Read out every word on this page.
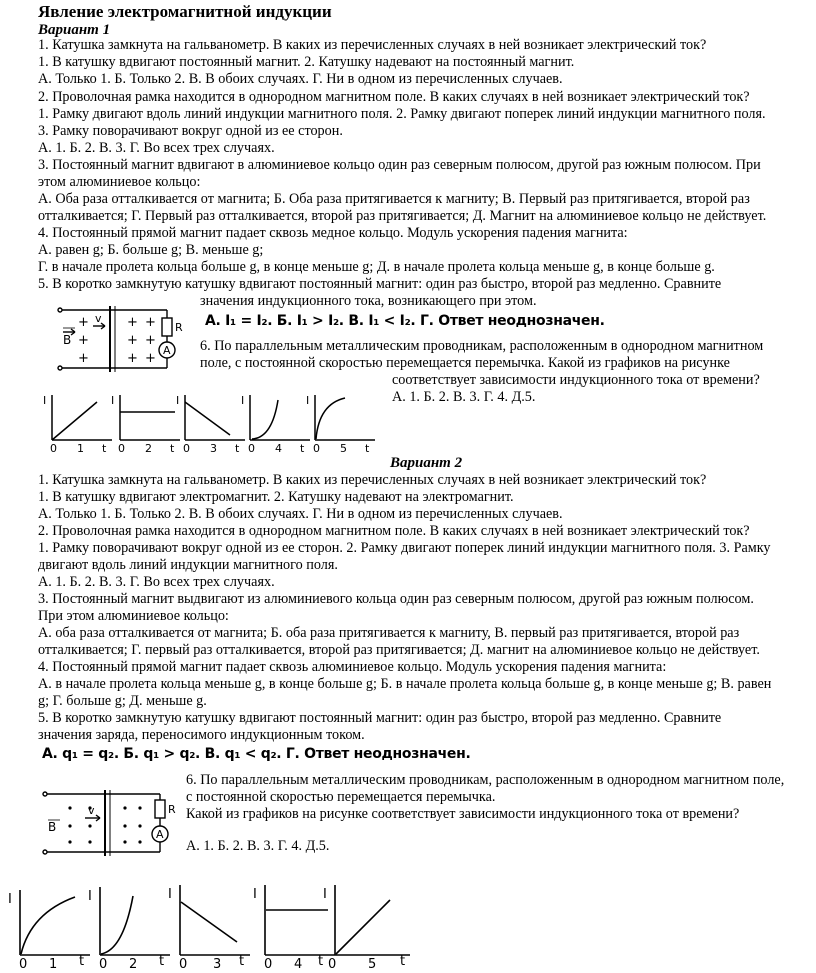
Явление электромагнитной индукции
Вариант 1
1. Катушка замкнута на гальванометр. В каких из перечисленных случаях в ней возникает электрический ток?
1. В катушку вдвигают постоянный магнит. 2. Катушку надевают на постоянный магнит.
А. Только 1. Б. Только 2. В. В обоих случаях. Г. Ни в одном из перечисленных случаев.
2. Проволочная рамка находится в однородном магнитном поле. В каких случаях в ней возникает электрический ток?
1. Рамку двигают вдоль линий индукции магнитного поля. 2. Рамку двигают поперек линий индукции магнитного поля.
3. Рамку поворачивают вокруг одной из ее сторон.
А. 1. Б. 2. В. 3. Г. Во всех трех случаях.
3. Постоянный магнит вдвигают в алюминиевое кольцо один раз северным полюсом, другой раз южным полюсом. При
этом алюминиевое кольцо:
А. Оба раза отталкивается от магнита; Б. Оба раза притягивается к магниту; В. Первый раз притягивается, второй раз
отталкивается; Г. Первый раз отталкивается, второй раз притягивается; Д. Магнит на алюминиевое кольцо не действует.
4. Постоянный прямой магнит падает сквозь медное кольцо. Модуль ускорения падения магнита:
А. равен g; Б. больше g; В. меньше g;
Г. в начале пролета кольца больше g, в конце меньше g; Д. в начале пролета кольца меньше g, в конце больше g.
5. В коротко замкнутую катушку вдвигают постоянный магнит: один раз быстро, второй раз медленно. Сравните
значения индукционного тока, возникающего при этом.
А. I₁ = I₂. Б. I₁ > I₂. В. I₁ < I₂. Г. Ответ неоднозначен.
6. По параллельным металлическим проводникам, расположенным в однородном магнитном
поле, с постоянной скоростью перемещается перемычка. Какой из графиков на рисунке
соответствует зависимости индукционного тока от времени?
А. 1. Б. 2. В. 3. Г. 4. Д.5.
+
+
+
+ +
+ +
+ +
v
B
R
A
I
0 1 t
I
0 2 t
I
0 3 t
I
0 4 t
I
0 5 t
Вариант 2
1. Катушка замкнута на гальванометр. В каких из перечисленных случаях в ней возникает электрический ток?
1. В катушку вдвигают электромагнит. 2. Катушку надевают на электромагнит.
А. Только 1. Б. Только 2. В. В обоих случаях. Г. Ни в одном из перечисленных случаев.
2. Проволочная рамка находится в однородном магнитном поле. В каких случаях в ней возникает электрический ток?
1. Рамку поворачивают вокруг одной из ее сторон. 2. Рамку двигают поперек линий индукции магнитного поля. 3. Рамку
двигают вдоль линий индукции магнитного поля.
А. 1. Б. 2. В. 3. Г. Во всех трех случаях.
3. Постоянный магнит выдвигают из алюминиевого кольца один раз северным полюсом, другой раз южным полюсом.
При этом алюминиевое кольцо:
А. оба раза отталкивается от магнита; Б. оба раза притягивается к магниту, В. первый раз притягивается, второй раз
отталкивается; Г. первый раз отталкивается, второй раз притягивается; Д. магнит на алюминиевое кольцо не действует.
4. Постоянный прямой магнит падает сквозь алюминиевое кольцо. Модуль ускорения падения магнита:
А. в начале пролета кольца меньше g, в конце больше g; Б. в начале пролета кольца больше g, в конце меньше g; В. равен
g; Г. больше g; Д. меньше g.
5. В коротко замкнутую катушку вдвигают постоянный магнит: один раз быстро, второй раз медленно. Сравните
значения заряда, переносимого индукционным током.
А. q₁ = q₂. Б. q₁ > q₂. В. q₁ < q₂. Г. Ответ неоднозначен.
6. По параллельным металлическим проводникам, расположенным в однородном магнитном поле,
с постоянной скоростью перемещается перемычка.
Какой из графиков на рисунке соответствует зависимости индукционного тока от времени?
А. 1. Б. 2. В. 3. Г. 4. Д.5.
v
B
R
A
I
0 1 t
I
0 2 t
I
0 3 t
I
0 4 t 0
I
5 t
